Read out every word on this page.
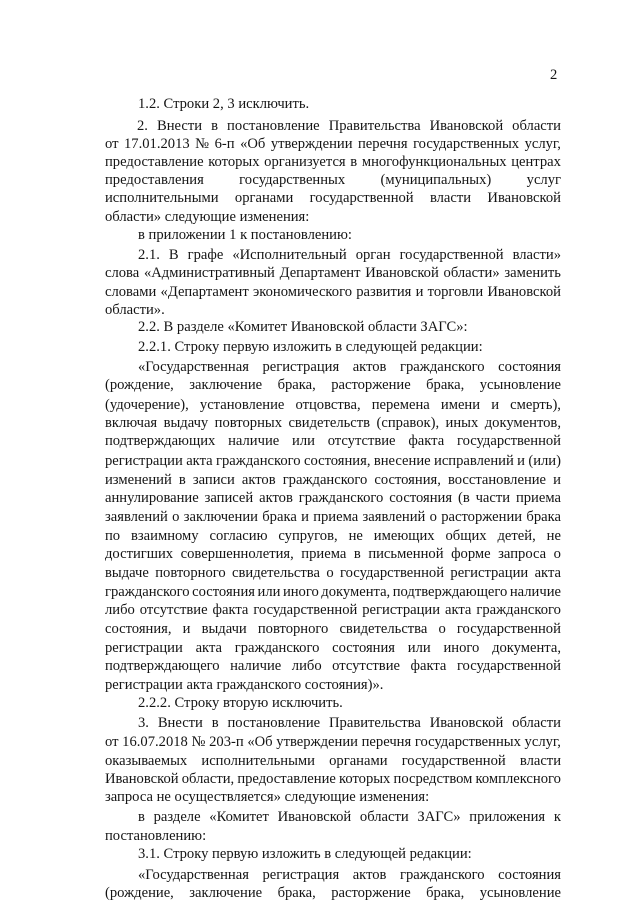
2
1.2. Строки 2, 3 исключить.
2. Внести в постановление Правительства Ивановской области
от 17.01.2013 № 6-п «Об утверждении перечня государственных услуг,
предоставление которых организуется в многофункциональных центрах
предоставления государственных (муниципальных) услуг
исполнительными органами государственной власти Ивановской
области» следующие изменения:
в приложении 1 к постановлению:
2.1. В графе «Исполнительный орган государственной власти»
слова «Административный Департамент Ивановской области» заменить
словами «Департамент экономического развития и торговли Ивановской
области».
2.2. В разделе «Комитет Ивановской области ЗАГС»:
2.2.1. Строку первую изложить в следующей редакции:
«Государственная регистрация актов гражданского состояния
(рождение, заключение брака, расторжение брака, усыновление
(удочерение), установление отцовства, перемена имени и смерть),
включая выдачу повторных свидетельств (справок), иных документов,
подтверждающих наличие или отсутствие факта государственной
регистрации акта гражданского состояния, внесение исправлений и (или)
изменений в записи актов гражданского состояния, восстановление и
аннулирование записей актов гражданского состояния (в части приема
заявлений о заключении брака и приема заявлений о расторжении брака
по взаимному согласию супругов, не имеющих общих детей, не
достигших совершеннолетия, приема в письменной форме запроса о
выдаче повторного свидетельства о государственной регистрации акта
гражданского состояния или иного документа, подтверждающего наличие
либо отсутствие факта государственной регистрации акта гражданского
состояния, и выдачи повторного свидетельства о государственной
регистрации акта гражданского состояния или иного документа,
подтверждающего наличие либо отсутствие факта государственной
регистрации акта гражданского состояния)».
2.2.2. Строку вторую исключить.
3. Внести в постановление Правительства Ивановской области
от 16.07.2018 № 203-п «Об утверждении перечня государственных услуг,
оказываемых исполнительными органами государственной власти
Ивановской области, предоставление которых посредством комплексного
запроса не осуществляется» следующие изменения:
в разделе «Комитет Ивановской области ЗАГС» приложения к
постановлению:
3.1. Строку первую изложить в следующей редакции:
«Государственная регистрация актов гражданского состояния
(рождение, заключение брака, расторжение брака, усыновление
